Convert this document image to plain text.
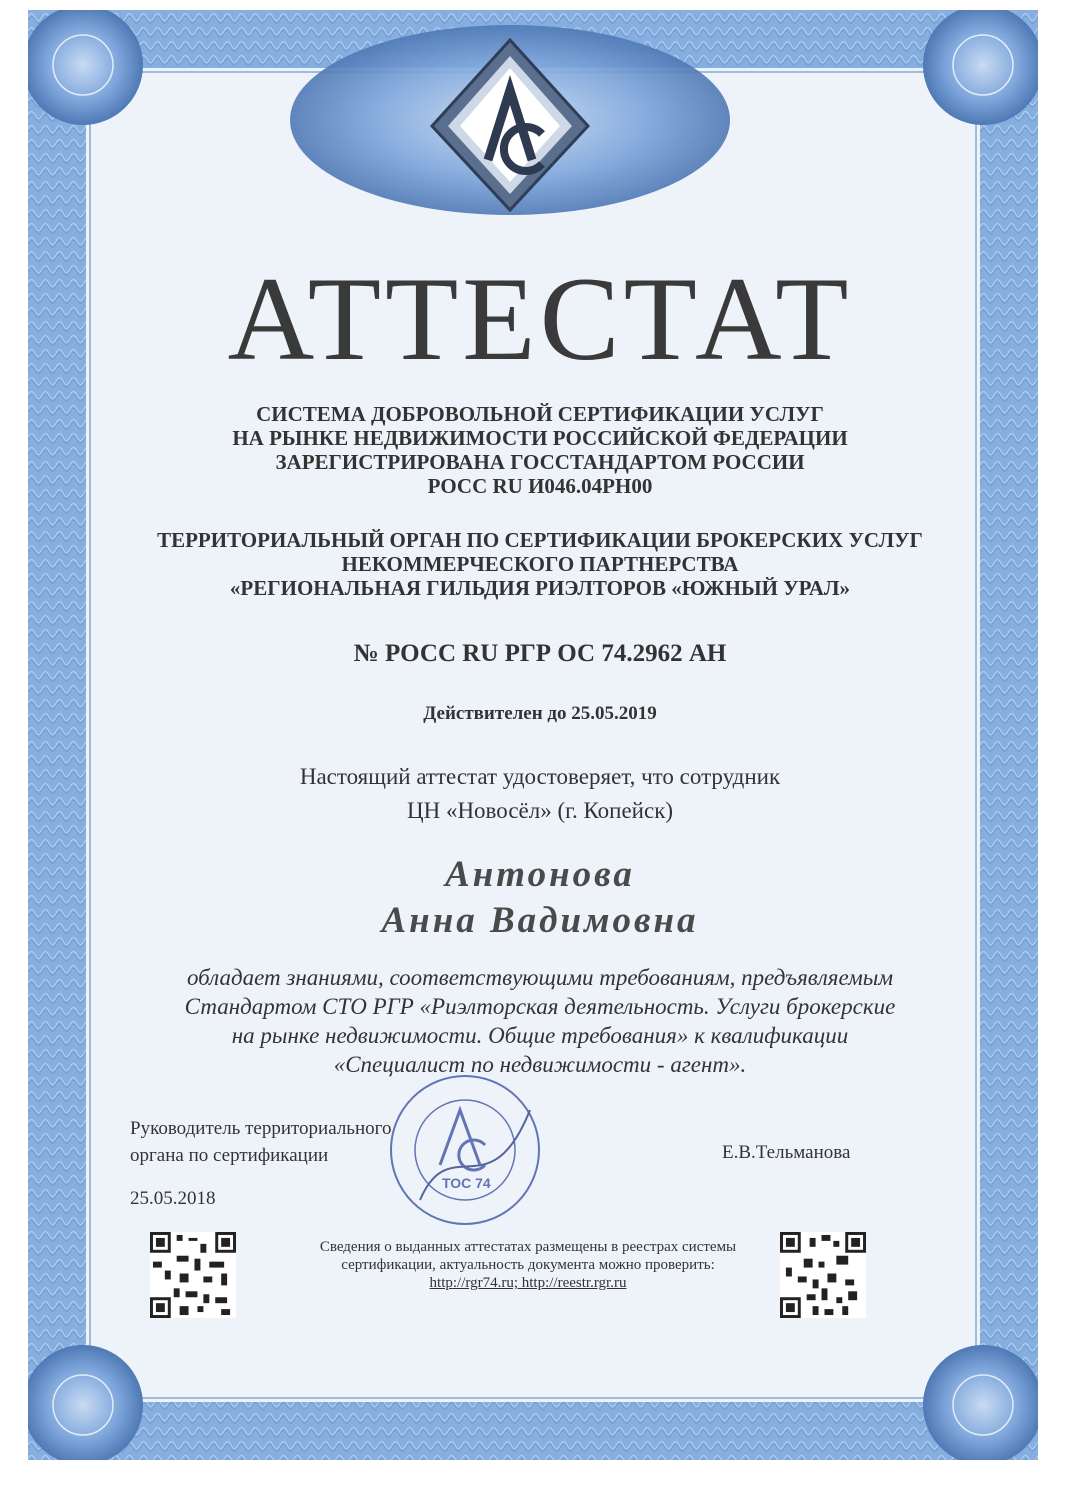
АТТЕСТАТ
СИСТЕМА ДОБРОВОЛЬНОЙ СЕРТИФИКАЦИИ УСЛУГ
НА РЫНКЕ НЕДВИЖИМОСТИ РОССИЙСКОЙ ФЕДЕРАЦИИ
ЗАРЕГИСТРИРОВАНА ГОССТАНДАРТОМ РОССИИ
РОСС RU И046.04РН00
ТЕРРИТОРИАЛЬНЫЙ ОРГАН ПО СЕРТИФИКАЦИИ БРОКЕРСКИХ УСЛУГ
НЕКОММЕРЧЕСКОГО ПАРТНЕРСТВА
«РЕГИОНАЛЬНАЯ ГИЛЬДИЯ РИЭЛТОРОВ «ЮЖНЫЙ УРАЛ»
№ РОСС RU РГР ОС 74.2962 АН
Действителен до 25.05.2019
Настоящий аттестат удостоверяет, что сотрудник
ЦН «Новосёл» (г. Копейск)
Антонова
Анна Вадимовна
обладает знаниями, соответствующими требованиям, предъявляемым
Стандартом СТО РГР «Риэлторская деятельность. Услуги брокерские
на рынке недвижимости. Общие требования» к квалификации
«Специалист по недвижимости - агент».
Руководитель территориального
органа по сертификации
ТОС 74
Е.В.Тельманова
25.05.2018
Сведения о выданных аттестатах размещены в реестрах системы
сертификации, актуальность документа можно проверить:
http://rgr74.ru; http://reestr.rgr.ru
